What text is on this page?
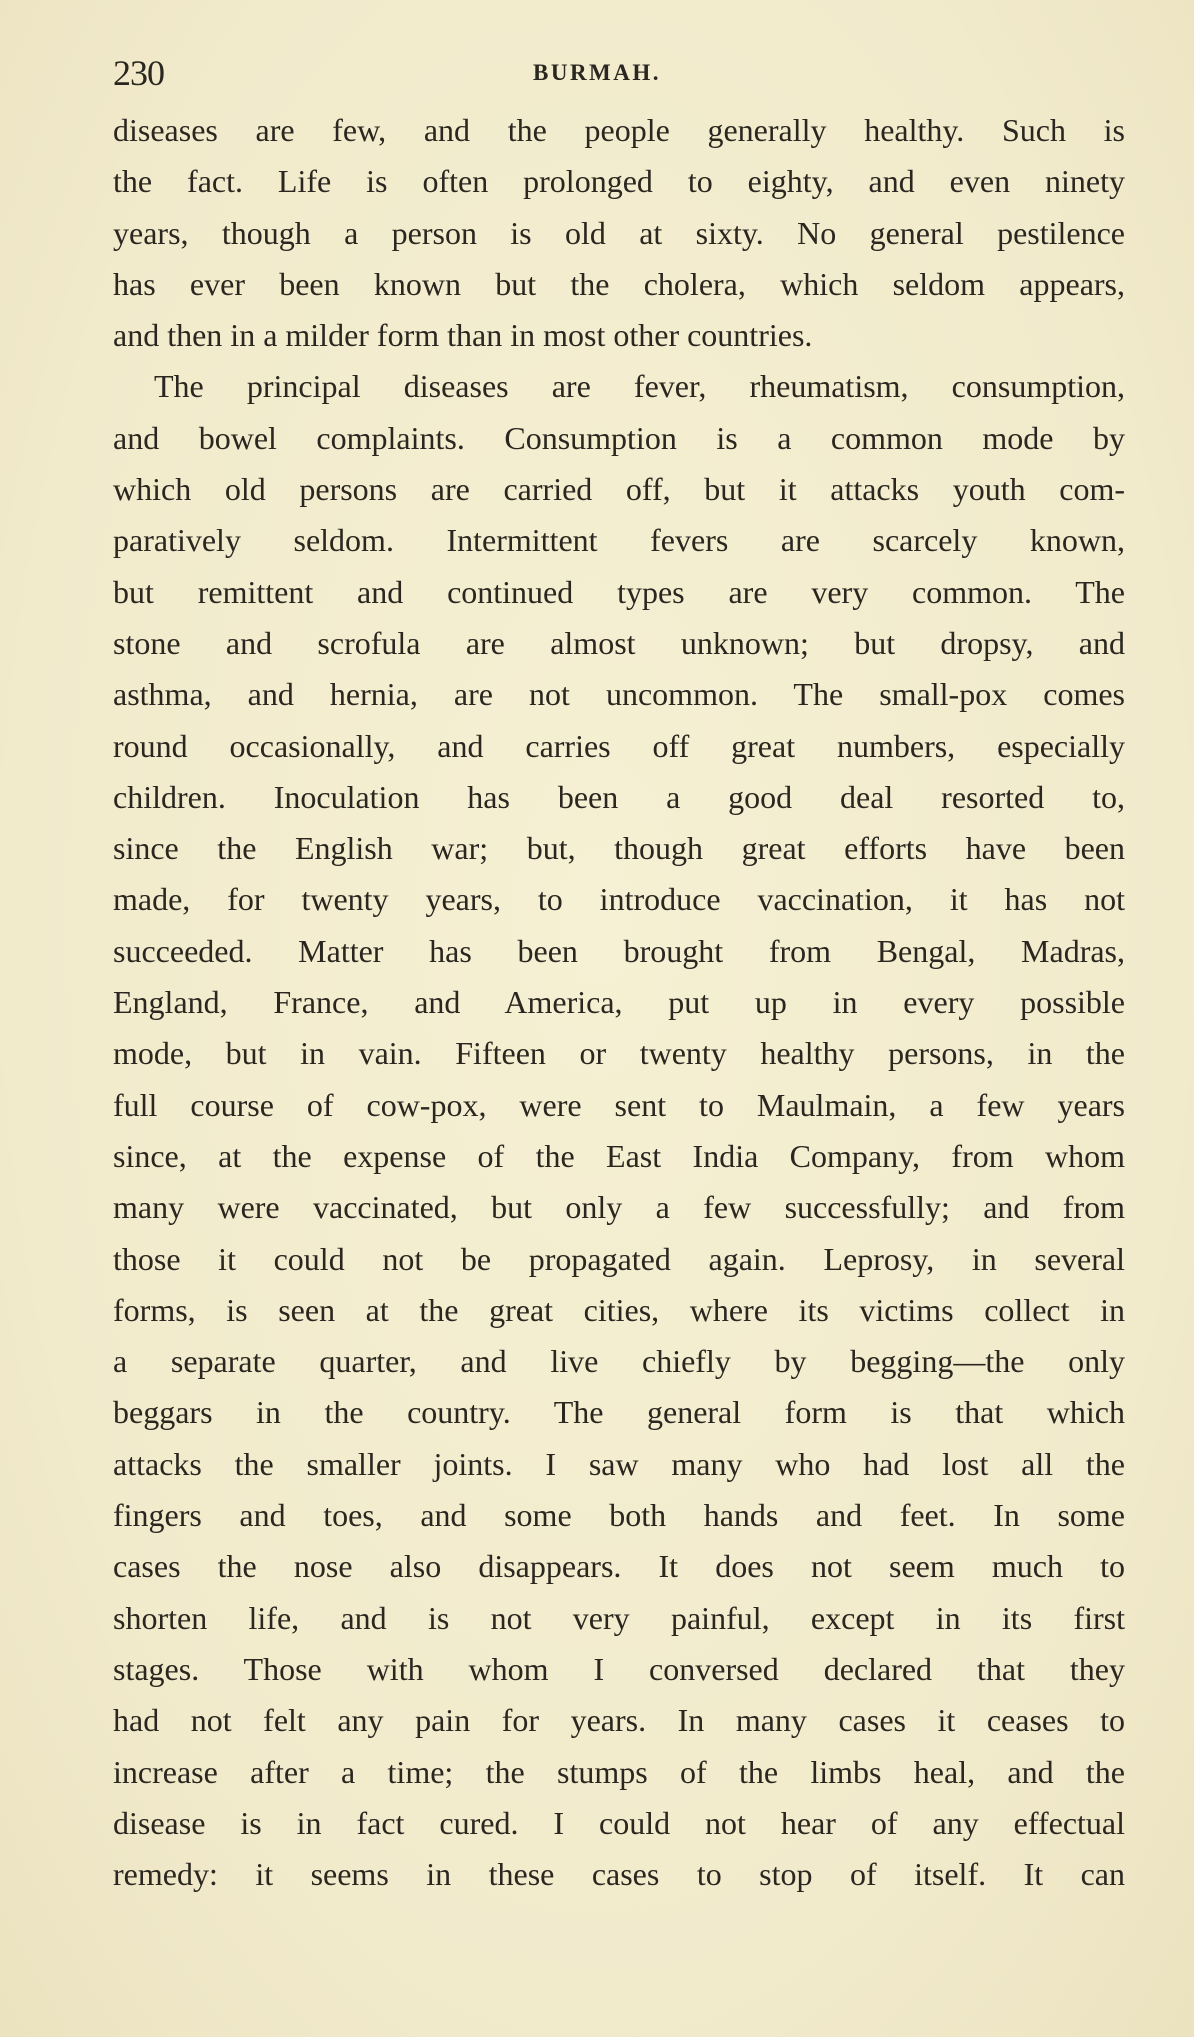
230	BURMAH.
diseases are few, and the people generally healthy. Such is
the fact. Life is often prolonged to eighty, and even ninety
years, though a person is old at sixty. No general pestilence
has ever been known but the cholera, which seldom appears,
and then in a milder form than in most other countries.
The principal diseases are fever, rheumatism, consumption,
and bowel complaints. Consumption is a common mode by
which old persons are carried off, but it attacks youth com-
paratively seldom. Intermittent fevers are scarcely known,
but remittent and continued types are very common. The
stone and scrofula are almost unknown; but dropsy, and
asthma, and hernia, are not uncommon. The small-pox comes
round occasionally, and carries off great numbers, especially
children. Inoculation has been a good deal resorted to,
since the English war; but, though great efforts have been
made, for twenty years, to introduce vaccination, it has not
succeeded. Matter has been brought from Bengal, Madras,
England, France, and America, put up in every possible
mode, but in vain. Fifteen or twenty healthy persons, in the
full course of cow-pox, were sent to Maulmain, a few years
since, at the expense of the East India Company, from whom
many were vaccinated, but only a few successfully; and from
those it could not be propagated again. Leprosy, in several
forms, is seen at the great cities, where its victims collect in
a separate quarter, and live chiefly by begging—the only
beggars in the country. The general form is that which
attacks the smaller joints. I saw many who had lost all the
fingers and toes, and some both hands and feet. In some
cases the nose also disappears. It does not seem much to
shorten life, and is not very painful, except in its first
stages. Those with whom I conversed declared that they
had not felt any pain for years. In many cases it ceases to
increase after a time; the stumps of the limbs heal, and the
disease is in fact cured. I could not hear of any effectual
remedy: it seems in these cases to stop of itself. It can
